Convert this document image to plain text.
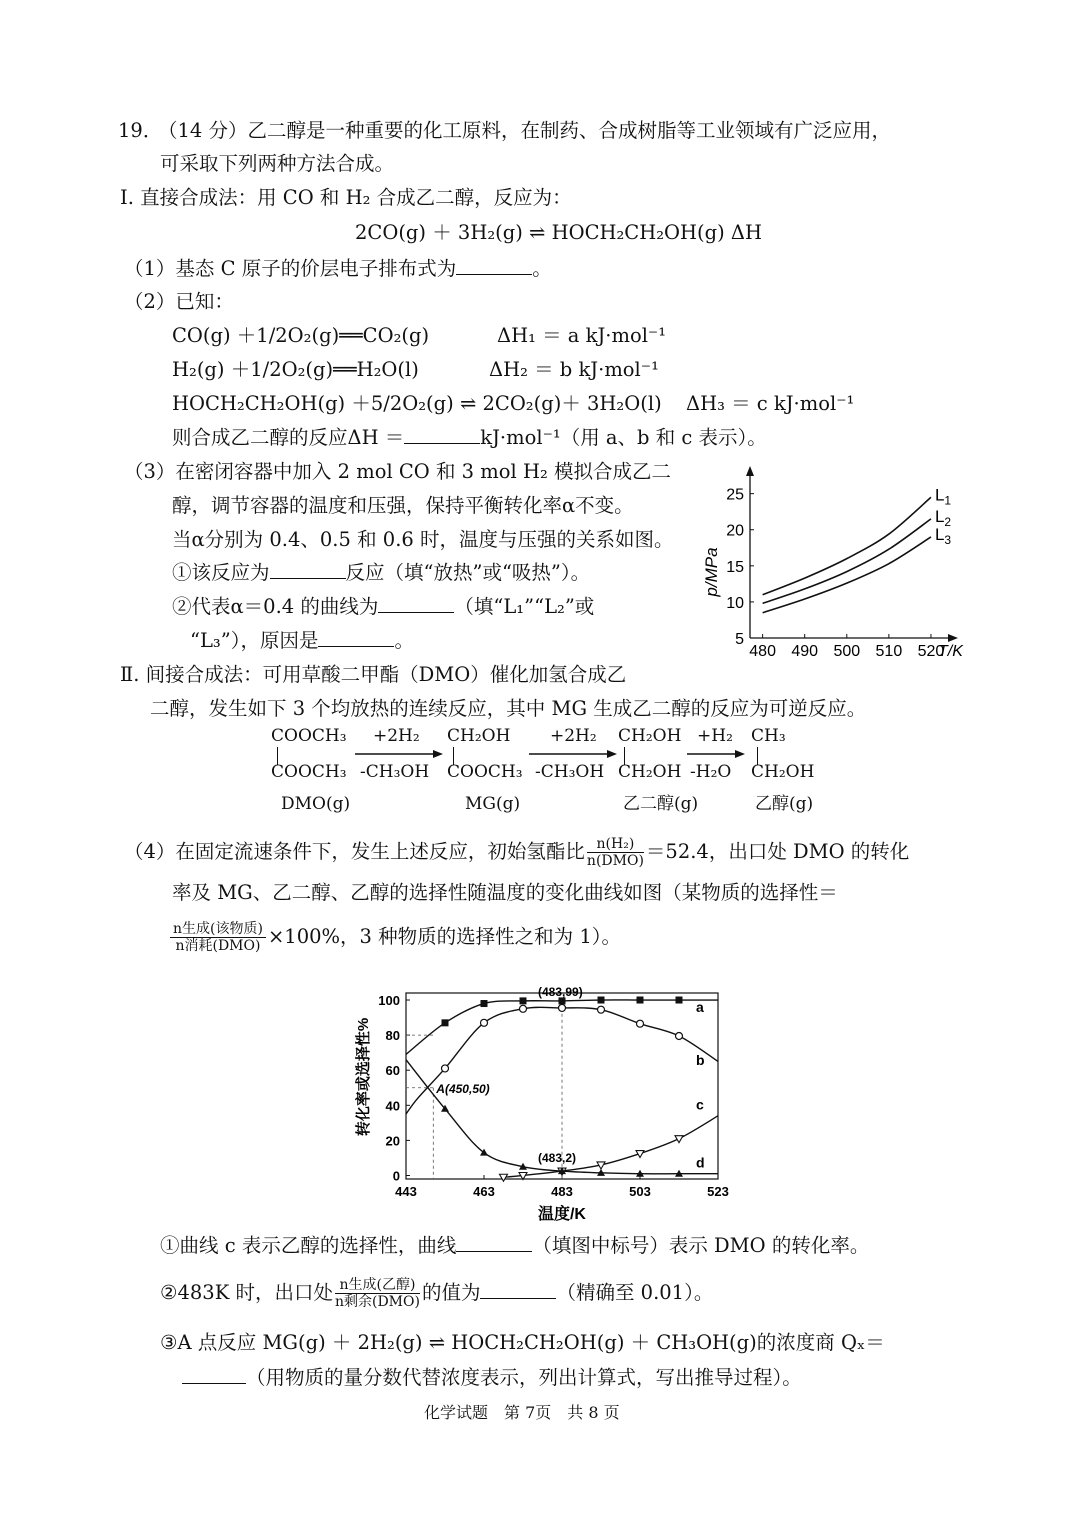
19．
（14 分）乙二醇是一种重要的化工原料，在制药、合成树脂等工业领域有广泛应用，
可采取下列两种方法合成。
Ⅰ. 直接合成法：用 CO 和 H₂ 合成乙二醇，反应为：
2CO(g) ＋ 3H₂(g) ⇌ HOCH₂CH₂OH(g) ΔH
（1）基态 C 原子的价层电子排布式为	。
（2）已知：
CO(g) ＋1/2O₂(g)══CO₂(g)	ΔH₁ ＝ a kJ·mol⁻¹
H₂(g) ＋1/2O₂(g)══H₂O(l)	ΔH₂ ＝ b kJ·mol⁻¹
HOCH₂CH₂OH(g) ＋5/2O₂(g) ⇌ 2CO₂(g)＋ 3H₂O(l) ΔH₃ ＝ c kJ·mol⁻¹
则合成乙二醇的反应ΔH ＝	kJ·mol⁻¹（用 a、b 和 c 表示）。
（3）在密闭容器中加入 2 mol CO 和 3 mol H₂ 模拟合成乙二
醇，调节容器的温度和压强，保持平衡转化率α不变。
当α分别为 0.4、0.5 和 0.6 时，温度与压强的关系如图。
①该反应为	反应（填“放热”或“吸热”）。
②代表α＝0.4 的曲线为	（填“L₁”“L₂”或
“L₃”），原因是	。	480 490 500 510 520
5
10
15
20
25	$L_1$
$L_2$
$L_3$
p/MPa
T/K
Ⅱ. 间接合成法：可用草酸二甲酯（DMO）催化加氢合成乙
二醇，发生如下 3 个均放热的连续反应，其中 MG 生成乙二醇的反应为可逆反应。
COOCH₃
COOCH₃
DMO(g)
+2H₂
-CH₃OH
CH₂OH
COOCH₃
MG(g)
+2H₂
-CH₃OH
CH₂OH
CH₂OH
乙二醇(g)
+H₂
-H₂O
CH₃
CH₂OH
乙醇(g)
（4）在固定流速条件下，发生上述反应，初始氢酯比 $\frac{\text{n(H₂)}}{\text{n(DMO)}} =52.4$，出口处 DMO 的转化
率及 MG、乙二醇、乙醇的选择性随温度的变化曲线如图（某物质的选择性＝
$\frac{\text{n生成(该物质)}}{\text{n消耗(DMO)}} \times 100\%$，3 种物质的选择性之和为 1）。
443	463	483	503	523
0
20
40
60
80
100	a
b
c
d
(483,99)
A(450,50)
(483,2)
转化率或选择性%
温度/K
①曲线 c 表示乙醇的选择性，曲线	（填图中标号）表示 DMO 的转化率。
②483K 时，出口处 $\frac{\text{n生成(乙醇)}}{\text{n剩余(DMO)}}$ 的值为	（精确至 0.01）。
③A 点反应 MG(g) ＋ 2H₂(g) ⇌ HOCH₂CH₂OH(g) ＋ CH₃OH(g)的浓度商 Qₓ＝
（用物质的量分数代替浓度表示，列出计算式，写出推导过程）。
化学试题　第 7页　共 8 页
